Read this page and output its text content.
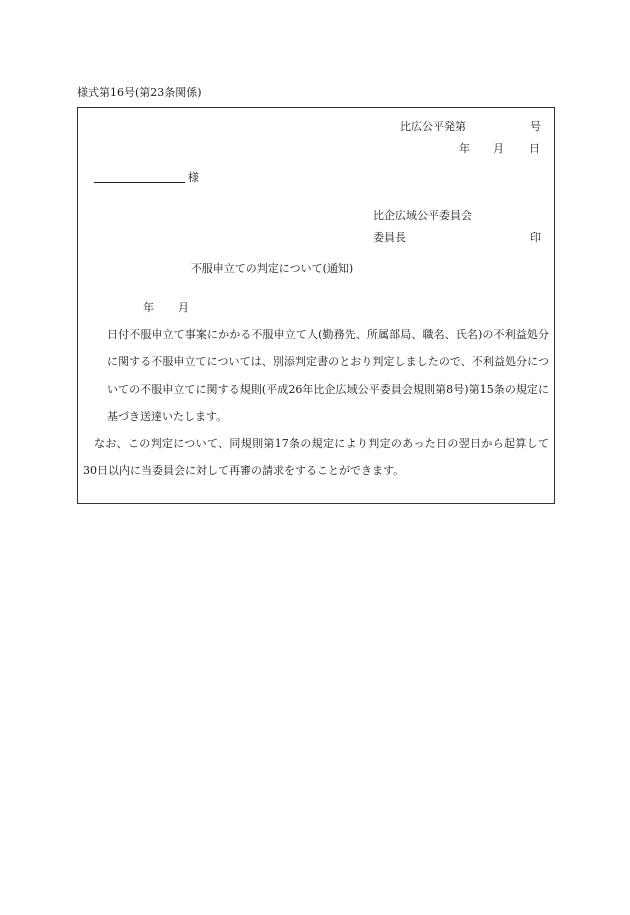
様式第16号(第23条関係)
比広公平発第	号
年 月 日
様
比企広域公平委員会
委員長	印
不服申立ての判定について(通知)

年 月日付不服申立て事案にかかる不服申立て人(勤務先、所属部局、職名、氏名)の不利益処分に関する不服申立てについては、別添判定書のとおり判定しましたので、不利益処分についての不服申立てに関する規則(平成26年比企広域公平委員会規則第8号)第15条の規定に基づき送達いたします。

なお、この判定について、同規則第17条の規定により判定のあった日の翌日から起算して30日以内に当委員会に対して再審の請求をすることができます。
